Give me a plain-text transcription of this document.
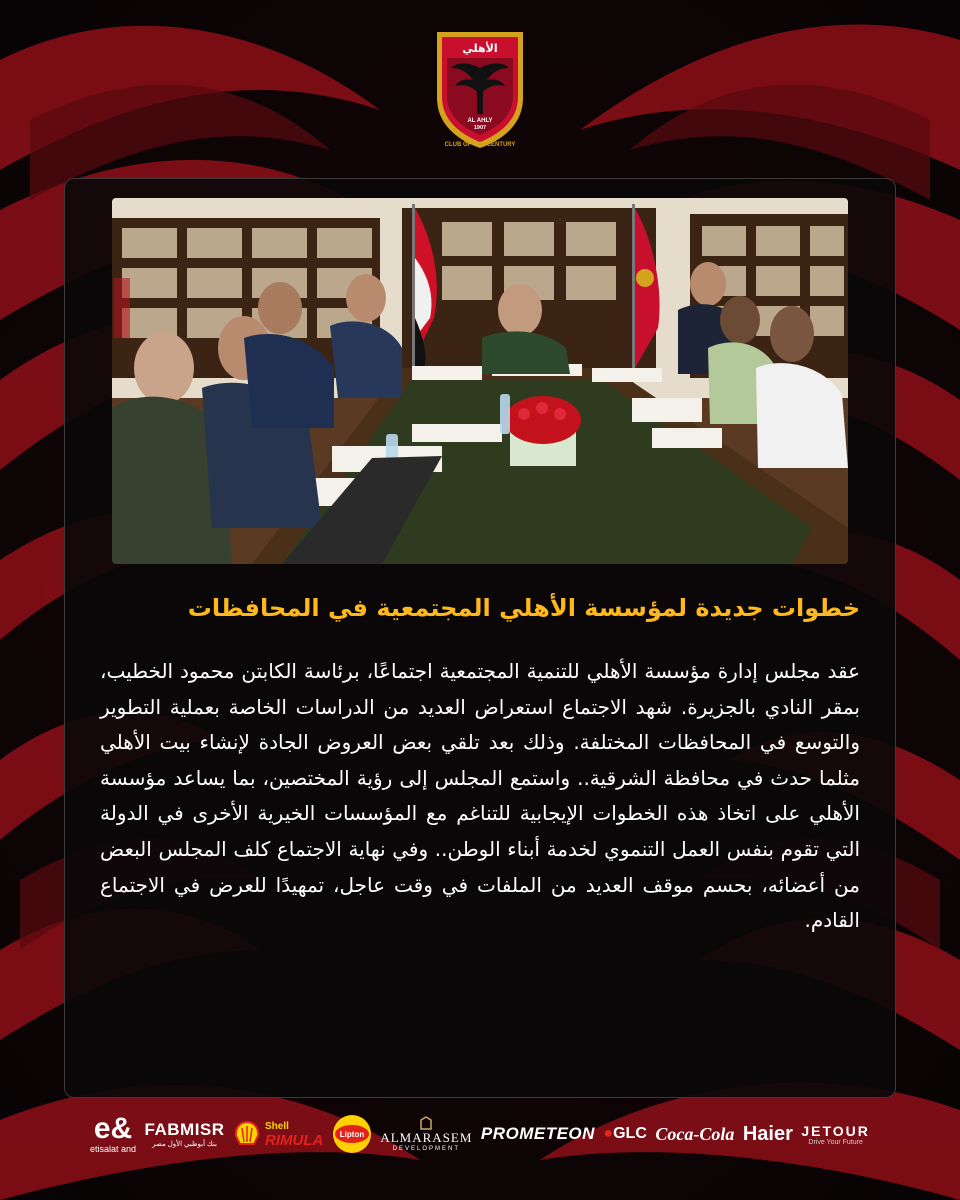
الأهلي
AL AHLY
1907
CLUB OF THE CENTURY
خطوات جديدة لمؤسسة الأهلي المجتمعية في المحافظات

عقد مجلس إدارة مؤسسة الأهلي للتنمية المجتمعية اجتماعًا، برئاسة الكابتن محمود الخطيب، بمقر النادي بالجزيرة. شهد الاجتماع استعراض العديد من الدراسات الخاصة بعملية التطوير والتوسع في المحافظات المختلفة. وذلك بعد تلقي بعض العروض الجادة لإنشاء بيت الأهلي مثلما حدث في محافظة الشرقية.. واستمع المجلس إلى رؤية المختصين، بما يساعد مؤسسة الأهلي على اتخاذ هذه الخطوات الإيجابية للتناغم مع المؤسسات الخيرية الأخرى في الدولة التي تقوم بنفس العمل التنموي لخدمة أبناء الوطن.. وفي نهاية الاجتماع كلف المجلس البعض من أعضائه، بحسم موقف العديد من الملفات في وقت عاجل، تمهيدًا للعرض في الاجتماع القادم.

e&
etisalat and
FABMISR
بنك أبوظبي الأول مصر
Shell
RIMULA Lipton ALMARASEM
DEVELOPMENT
PROMETEON ●GLC Coca-Cola Haier JETOUR
Drive Your Future
